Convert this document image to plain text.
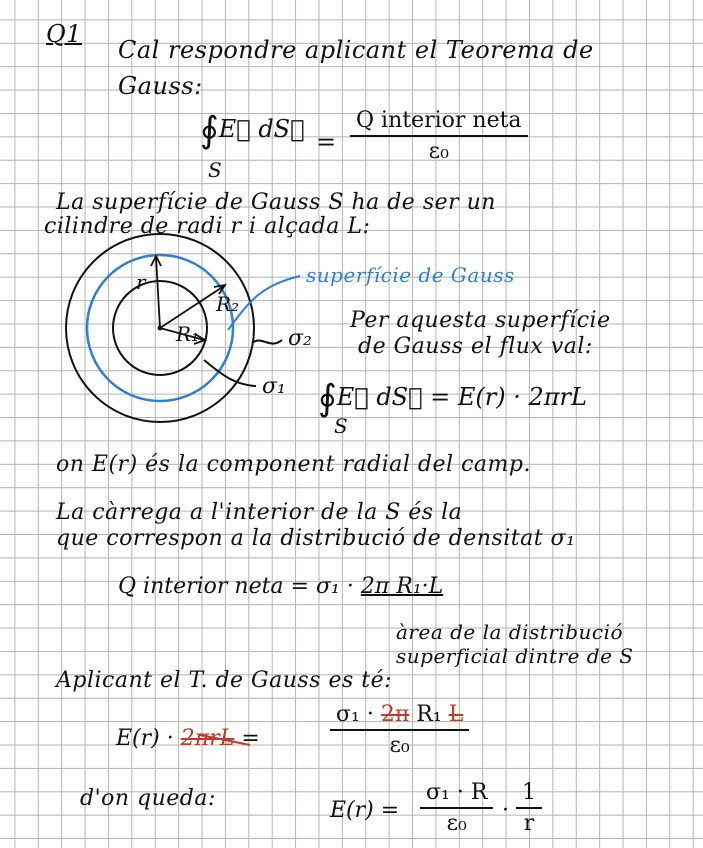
Q1
Cal respondre aplicant el Teorema de
Gauss:
∮E⃗ dS⃗
S
=
Q interior neta
ε₀
La superfície de Gauss S ha de ser un
cilindre de radi r i alçada L:
superfície de Gauss
r
R₂
R₁	σ₂
σ₁
Per aquesta superfície
de Gauss el flux val:
∮E⃗ dS⃗ = E(r) · 2πrL
S
on E(r) és la component radial del camp.
La càrrega a l'interior de la S és la
que correspon a la distribució de densitat σ₁
Q interior neta = σ₁ · 2π R₁·L
àrea de la distribució
superficial dintre de S
Aplicant el T. de Gauss es té:
E(r) · 2πrL =	$\frac{\text{σ₁ · 2π R₁ L}}{\text{ε₀}}$
d'on queda:	$E(r) = \frac{\text{σ₁ · R}}{\text{ε₀}} \cdot \frac{1}{r}$
